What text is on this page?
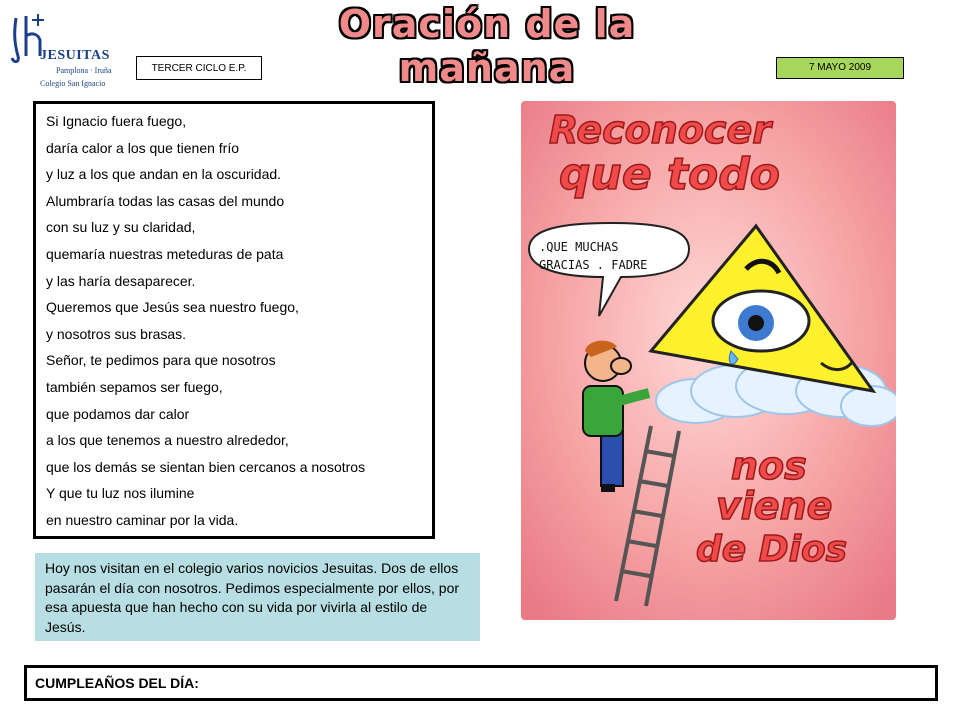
JESUITAS
Pamplona · Iruña
Colegio San Ignacio
Oración de la mañana
TERCER CICLO E.P.	7 MAYO 2009
Si Ignacio fuera fuego,
daría calor a los que tienen frío
y luz a los que andan en la oscuridad.
Alumbraría todas las casas del mundo
con su luz y su claridad,
quemaría nuestras meteduras de pata
y las haría desaparecer.
Queremos que Jesús sea nuestro fuego,
y nosotros sus brasas.
Señor, te pedimos para que nosotros
también sepamos ser fuego,
que podamos dar calor
a los que tenemos a nuestro alrededor,
que los demás se sientan bien cercanos a nosotros
Y que tu luz nos ilumine
en nuestro caminar por la vida.
Hoy nos visitan en el colegio varios novicios Jesuitas. Dos de ellos pasarán el día con nosotros. Pedimos especialmente por ellos, por esa apuesta que han hecho con su vida por vivirla al estilo de Jesús.
CUMPLEAÑOS DEL DÍA:
.QUE MUCHAS
GRACIAS . FADRE
Reconocer
que todo
nos
viene
de Dios
